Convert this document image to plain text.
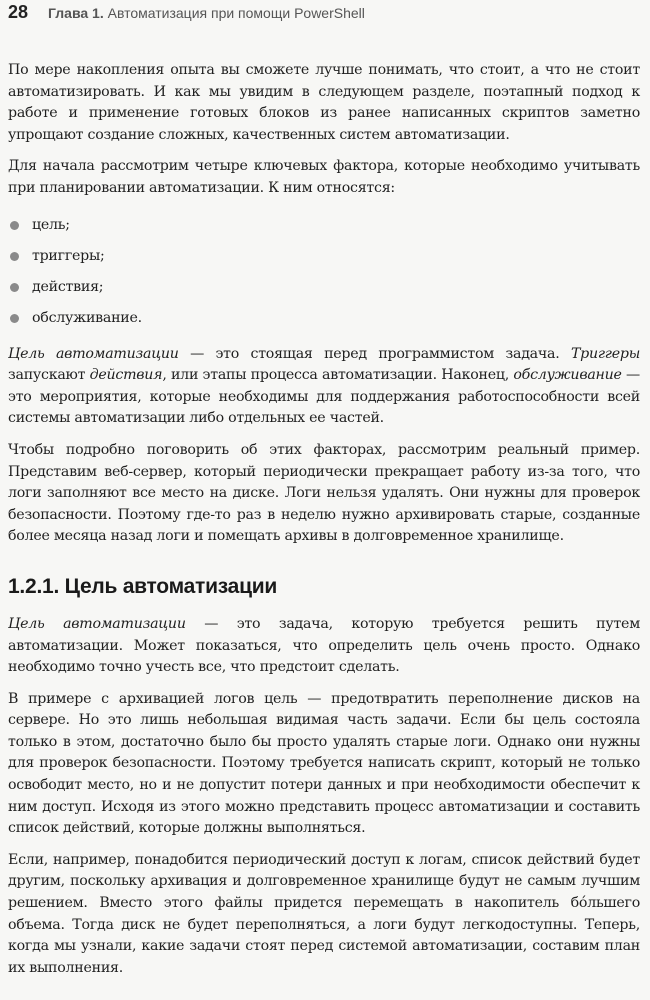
28 Глава 1. Автоматизация при помощи PowerShell

По мере накопления опыта вы сможете лучше понимать, что стоит, а что не стоит автоматизировать. И как мы увидим в следующем разделе, поэтапный подход к работе и применение готовых блоков из ранее написанных скриптов заметно упрощают создание сложных, качественных систем автоматизации.

Для начала рассмотрим четыре ключевых фактора, которые необходимо учитывать при планировании автоматизации. К ним относятся:

цель;
триггеры;
действия;
обслуживание.

Цель автоматизации — это стоящая перед программистом задача. Триггеры запускают действия, или этапы процесса автоматизации. Наконец, обслуживание — это мероприятия, которые необходимы для поддержания работоспособности всей системы автоматизации либо отдельных ее частей.

Чтобы подробно поговорить об этих факторах, рассмотрим реальный пример. Представим веб-сервер, который периодически прекращает работу из-за того, что логи заполняют все место на диске. Логи нельзя удалять. Они нужны для проверок безопасности. Поэтому где-то раз в неделю нужно архивировать старые, созданные более месяца назад логи и помещать архивы в долговременное хранилище.

1.2.1. Цель автоматизации

Цель автоматизации — это задача, которую требуется решить путем автоматизации. Может показаться, что определить цель очень просто. Однако необходимо точно учесть все, что предстоит сделать.

В примере с архивацией логов цель — предотвратить переполнение дисков на сервере. Но это лишь небольшая видимая часть задачи. Если бы цель состояла только в этом, достаточно было бы просто удалять старые логи. Однако они нужны для проверок безопасности. Поэтому требуется написать скрипт, который не только освободит место, но и не допустит потери данных и при необходимости обеспечит к ним доступ. Исходя из этого можно представить процесс автоматизации и составить список действий, которые должны выполняться.

Если, например, понадобится периодический доступ к логам, список действий будет другим, поскольку архивация и долговременное хранилище будут не самым лучшим решением. Вместо этого файлы придется перемещать в накопитель бóльшего объема. Тогда диск не будет переполняться, а логи будут легкодоступны. Теперь, когда мы узнали, какие задачи стоят перед системой автоматизации, составим план их выполнения.
